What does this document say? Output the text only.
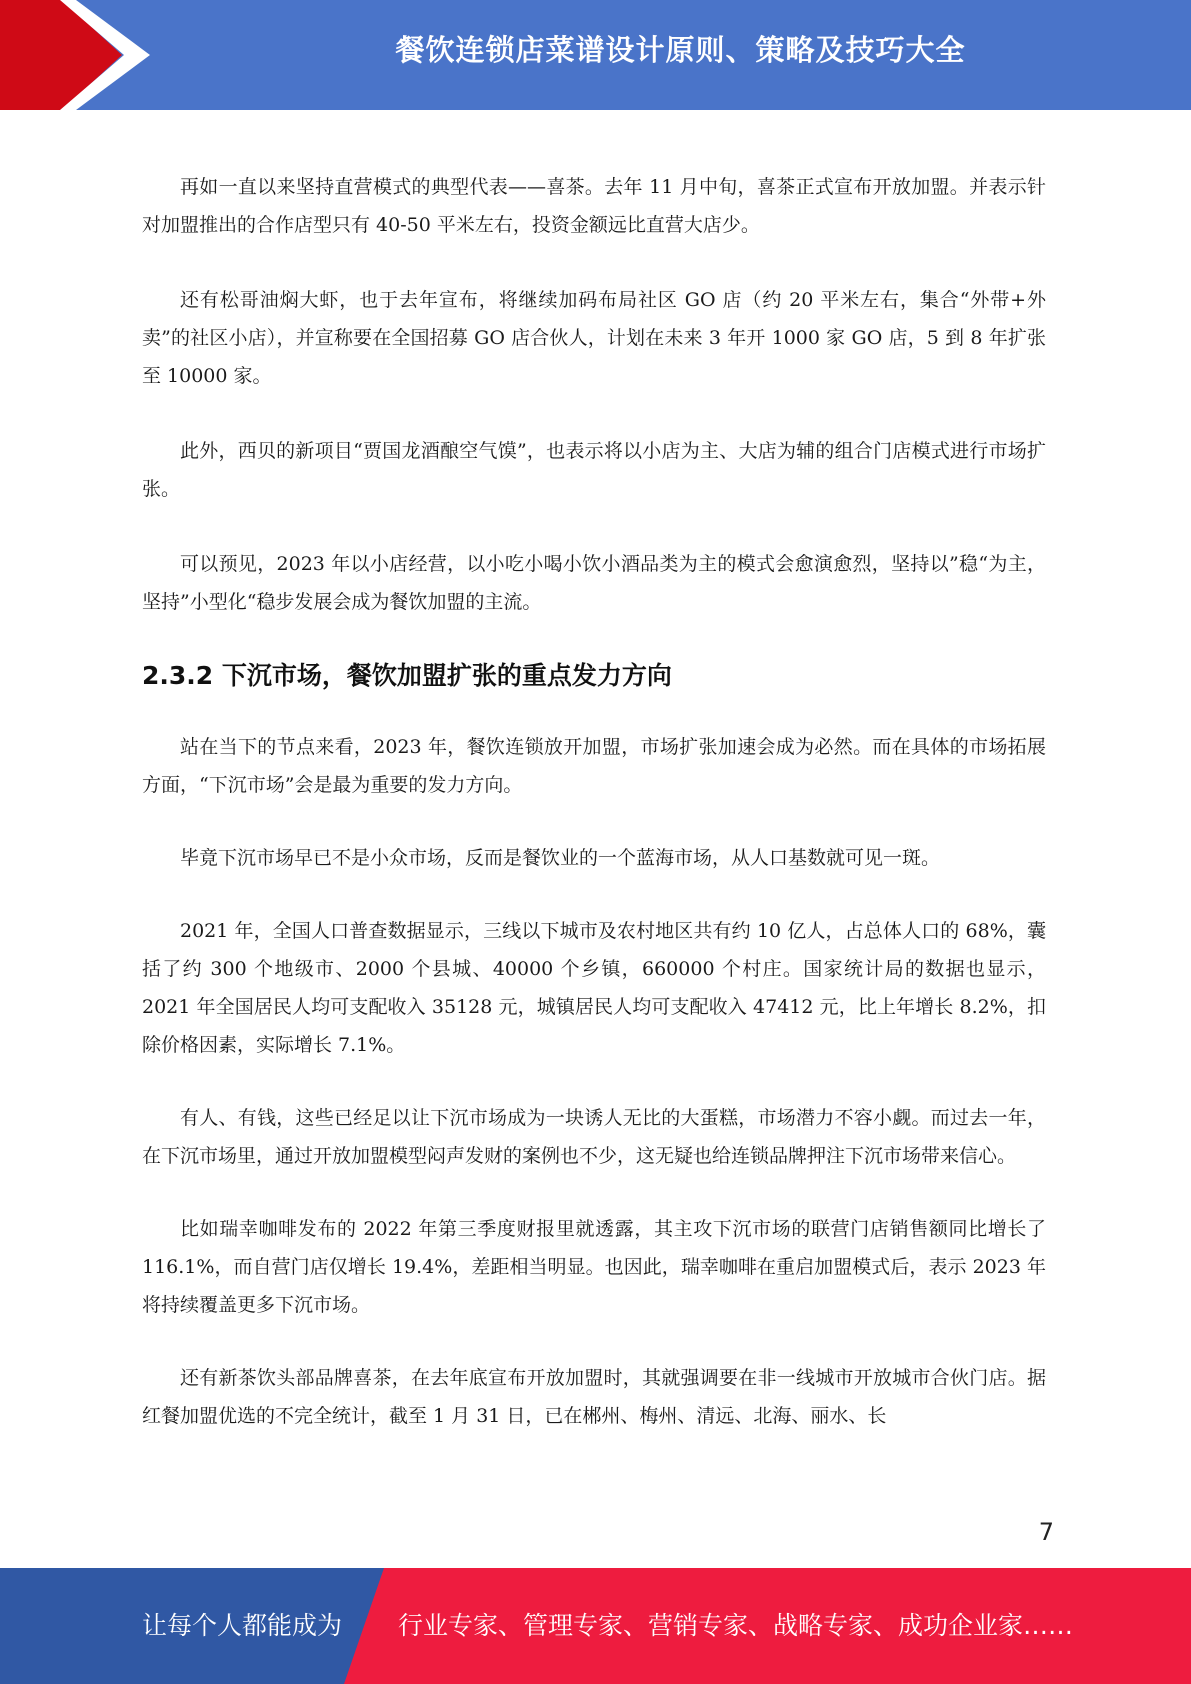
餐饮连锁店菜谱设计原则、策略及技巧大全

再如一直以来坚持直营模式的典型代表——喜茶。去年 11 月中旬，喜茶正式宣布开放加盟。并表示针对加盟推出的合作店型只有 40-50 平米左右，投资金额远比直营大店少。

还有松哥油焖大虾，也于去年宣布，将继续加码布局社区 GO 店（约 20 平米左右，集合“外带+外卖”的社区小店），并宣称要在全国招募 GO 店合伙人，计划在未来 3 年开 1000 家 GO 店，5 到 8 年扩张至 10000 家。

此外，西贝的新项目“贾国龙酒酿空气馍”，也表示将以小店为主、大店为辅的组合门店模式进行市场扩张。

可以预见，2023 年以小店经营，以小吃小喝小饮小酒品类为主的模式会愈演愈烈，坚持以”稳“为主，坚持”小型化“稳步发展会成为餐饮加盟的主流。

2.3.2 下沉市场，餐饮加盟扩张的重点发力方向

站在当下的节点来看，2023 年，餐饮连锁放开加盟，市场扩张加速会成为必然。而在具体的市场拓展方面，“下沉市场”会是最为重要的发力方向。

毕竟下沉市场早已不是小众市场，反而是餐饮业的一个蓝海市场，从人口基数就可见一斑。

2021 年，全国人口普查数据显示，三线以下城市及农村地区共有约 10 亿人，占总体人口的 68%，囊括了约 300 个地级市、2000 个县城、40000 个乡镇，660000 个村庄。国家统计局的数据也显示，2021 年全国居民人均可支配收入 35128 元，城镇居民人均可支配收入 47412 元，比上年增长 8.2%，扣除价格因素，实际增长 7.1%。

有人、有钱，这些已经足以让下沉市场成为一块诱人无比的大蛋糕，市场潜力不容小觑。而过去一年，在下沉市场里，通过开放加盟模型闷声发财的案例也不少，这无疑也给连锁品牌押注下沉市场带来信心。

比如瑞幸咖啡发布的 2022 年第三季度财报里就透露，其主攻下沉市场的联营门店销售额同比增长了 116.1%，而自营门店仅增长 19.4%，差距相当明显。也因此，瑞幸咖啡在重启加盟模式后，表示 2023 年将持续覆盖更多下沉市场。

还有新茶饮头部品牌喜茶，在去年底宣布开放加盟时，其就强调要在非一线城市开放城市合伙门店。据红餐加盟优选的不完全统计，截至 1 月 31 日，已在郴州、梅州、清远、北海、丽水、长

7
让每个人都能成为 行业专家、管理专家、营销专家、战略专家、成功企业家……
